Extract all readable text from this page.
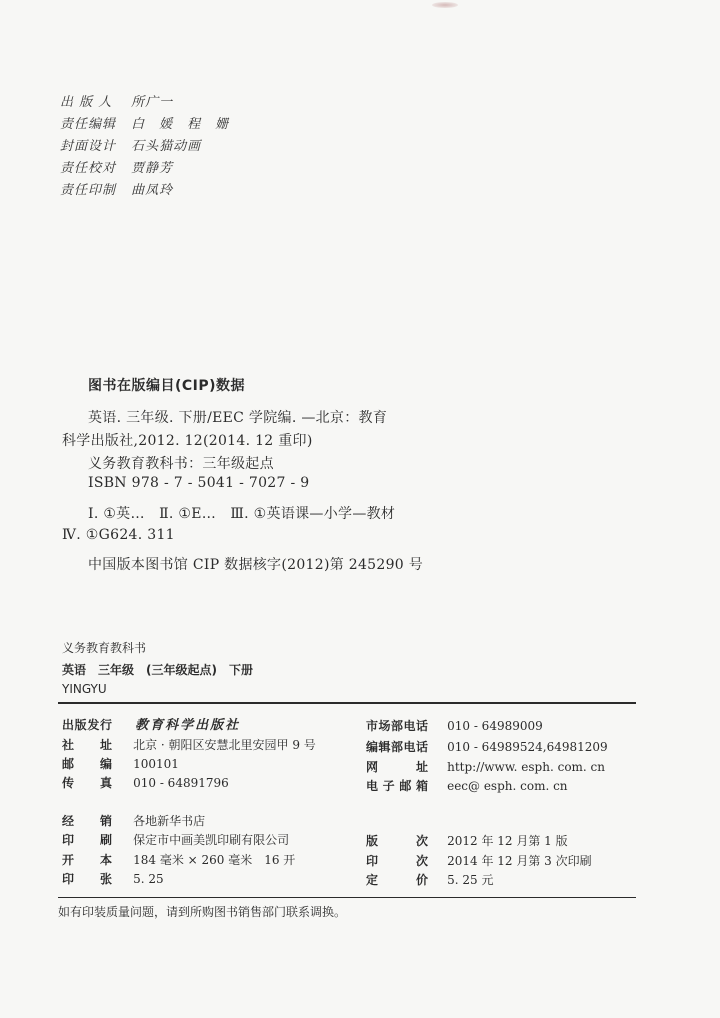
出 版 人 所广一
责任编辑 白　媛　程　姗
封面设计 石头猫动画
责任校对 贾静芳
责任印制 曲凤玲
图书在版编目(CIP)数据
英语. 三年级. 下册/EEC 学院编. —北京：教育
科学出版社,2012. 12(2014. 12 重印)
义务教育教科书：三年级起点
ISBN 978 - 7 - 5041 - 7027 - 9
Ⅰ. ①英…　Ⅱ. ①E…　Ⅲ. ①英语课—小学—教材
Ⅳ. ①G624. 311
中国版本图书馆 CIP 数据核字(2012)第 245290 号
义务教育教科书
英语　三年级　(三年级起点)　下册
YINGYU
出版发行 教育科学出版社
社　址 北京 · 朝阳区安慧北里安园甲 9 号
邮　编 100101
传　真 010 - 64891796
市场部电话 010 - 64989009
编辑部电话 010 - 64989524,64981209
网　址 http://www. esph. com. cn
电子邮箱 eec@ esph. com. cn
经　销 各地新华书店
印　刷 保定市中画美凯印刷有限公司
开　本 184 毫米 × 260 毫米　16 开
印　张 5. 25
版　次 2012 年 12 月第 1 版
印　次 2014 年 12 月第 3 次印刷
定　价 5. 25 元
如有印装质量问题，请到所购图书销售部门联系调换。
